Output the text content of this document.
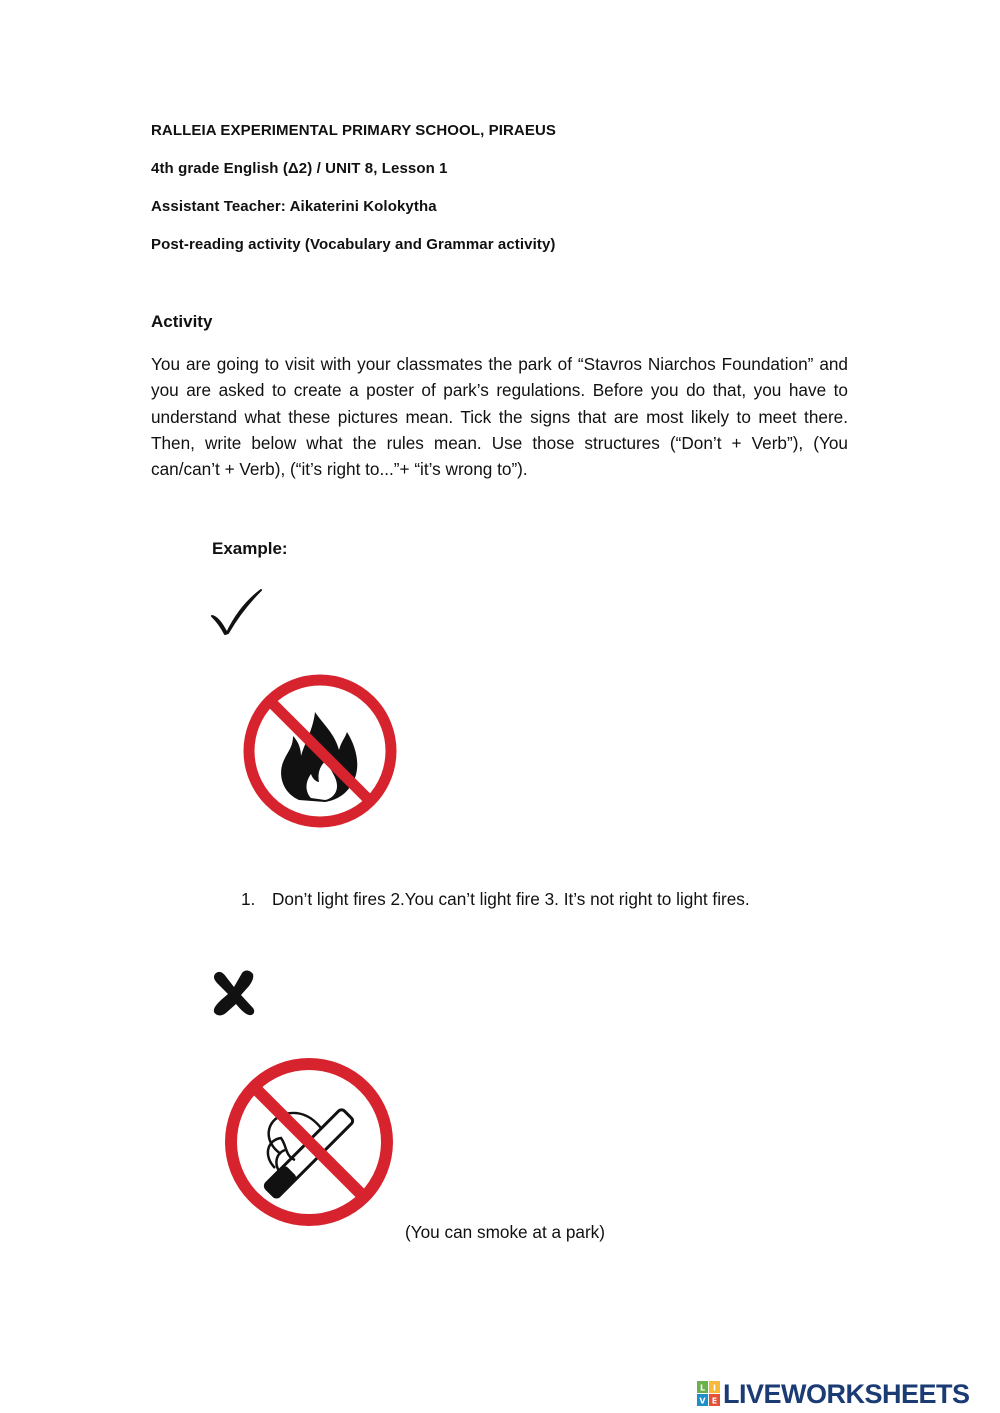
RALLEIA EXPERIMENTAL PRIMARY SCHOOL, PIRAEUS
4th grade English (Δ2) / UNIT 8, Lesson 1
Assistant Teacher: Aikaterini Kolokytha
Post-reading activity (Vocabulary and Grammar activity)
Activity
You are going to visit with your classmates the park of “Stavros Niarchos Foundation” and you are asked to create a poster of park’s regulations. Before you do that, you have to understand what these pictures mean. Tick the signs that are most likely to meet there. Then, write below what the rules mean. Use those structures (“Don’t + Verb”), (You can/can’t + Verb), (“it’s right to...”+ “it’s wrong to”).
Example:
1. Don’t light fires 2.You can’t light fire 3. It’s not right to light fires.
(You can smoke at a park)
L I
V E LIVEWORKSHEETS
